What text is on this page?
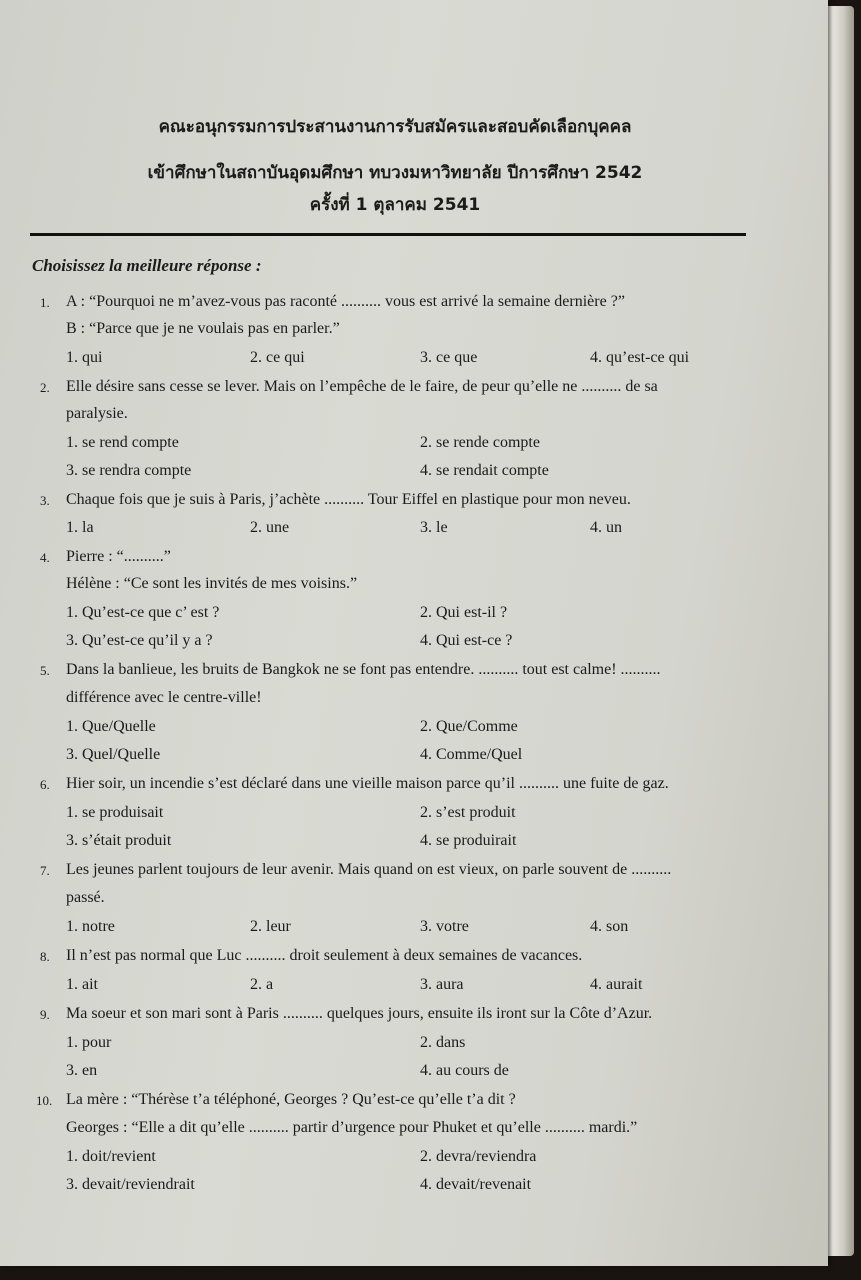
คณะอนุกรรมการประสานงานการรับสมัครและสอบคัดเลือกบุคคล
เข้าศึกษาในสถาบันอุดมศึกษา ทบวงมหาวิทยาลัย ปีการศึกษา 2542
ครั้งที่ 1 ตุลาคม 2541
Choisissez la meilleure réponse :
1. A : “Pourquoi ne m’avez-vous pas raconté .......... vous est arrivé la semaine dernière ?”
B : “Parce que je ne voulais pas en parler.”
1. qui	2. ce qui	3. ce que	4. qu’est-ce qui
2. Elle désire sans cesse se lever. Mais on l’empêche de le faire, de peur qu’elle ne .......... de sa
paralysie.
1. se rend compte	2. se rende compte
3. se rendra compte	4. se rendait compte
3. Chaque fois que je suis à Paris, j’achète .......... Tour Eiffel en plastique pour mon neveu.
1. la	2. une	3. le	4. un
4. Pierre : “..........”
Hélène : “Ce sont les invités de mes voisins.”
1. Qu’est-ce que c’ est ?	2. Qui est-il ?
3. Qu’est-ce qu’il y a ?	4. Qui est-ce ?
5. Dans la banlieue, les bruits de Bangkok ne se font pas entendre. .......... tout est calme! ..........
différence avec le centre-ville!
1. Que/Quelle	2. Que/Comme
3. Quel/Quelle	4. Comme/Quel
6. Hier soir, un incendie s’est déclaré dans une vieille maison parce qu’il .......... une fuite de gaz.
1. se produisait	2. s’est produit
3. s’était produit	4. se produirait
7. Les jeunes parlent toujours de leur avenir. Mais quand on est vieux, on parle souvent de ..........
passé.
1. notre	2. leur	3. votre	4. son
8. Il n’est pas normal que Luc .......... droit seulement à deux semaines de vacances.
1. ait	2. a	3. aura	4. aurait
9. Ma soeur et son mari sont à Paris .......... quelques jours, ensuite ils iront sur la Côte d’Azur.
1. pour	2. dans
3. en	4. au cours de
10. La mère : “Thérèse t’a téléphoné, Georges ? Qu’est-ce qu’elle t’a dit ?
Georges : “Elle a dit qu’elle .......... partir d’urgence pour Phuket et qu’elle .......... mardi.”
1. doit/revient	2. devra/reviendra
3. devait/reviendrait	4. devait/revenait
